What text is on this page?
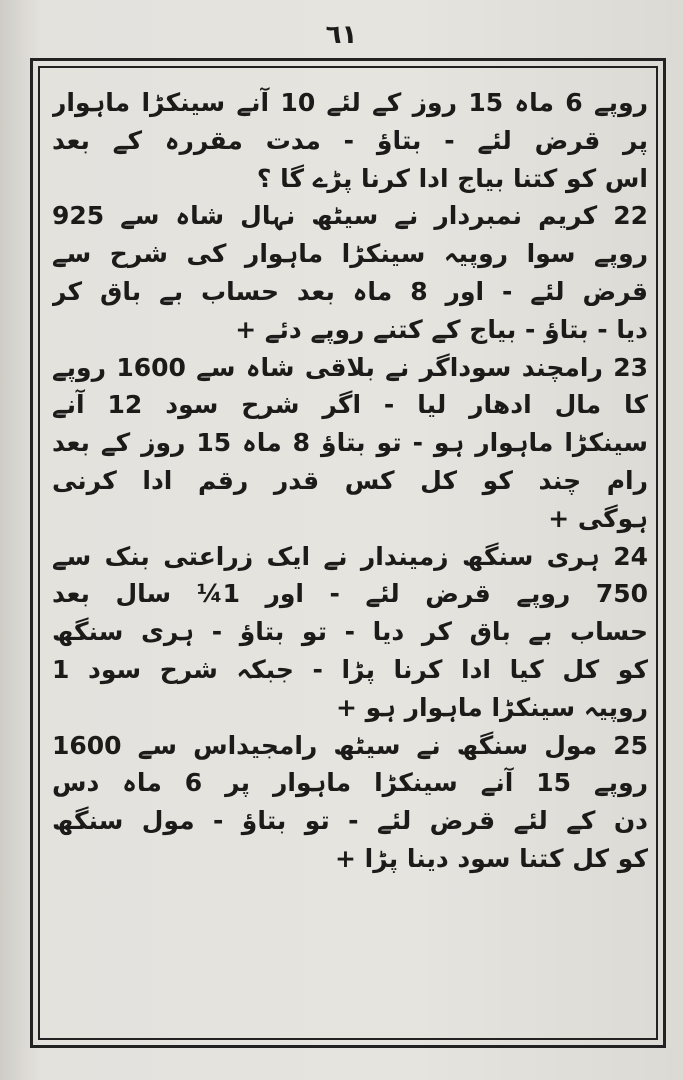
٦١
روپے 6 ماہ 15 روز کے لئے 10 آنے سینکڑا ماہوار
پر قرض لئے - بتاؤ - مدت مقررہ کے بعد
اس کو کتنا بیاج ادا کرنا پڑے گا ؟
22 کریم نمبردار نے سیٹھ نہال شاہ سے 925
روپے سوا روپیہ سینکڑا ماہوار کی شرح سے
قرض لئے - اور 8 ماہ بعد حساب بے باق کر
دیا - بتاؤ - بیاج کے کتنے روپے دئے +
23 رامچند سوداگر نے بلاقی شاہ سے 1600 روپے
کا مال ادھار لیا - اگر شرح سود 12 آنے
سینکڑا ماہوار ہو - تو بتاؤ 8 ماہ 15 روز کے بعد
رام چند کو کل کس قدر رقم ادا کرنی
ہوگی +
24 ہری سنگھ زمیندار نے ایک زراعتی بنک سے
750 روپے قرض لئے - اور 1¼ سال بعد
حساب بے باق کر دیا - تو بتاؤ - ہری سنگھ
کو کل کیا ادا کرنا پڑا - جبکہ شرح سود 1
روپیہ سینکڑا ماہوار ہو +
25 مول سنگھ نے سیٹھ رامجیداس سے 1600
روپے 15 آنے سینکڑا ماہوار پر 6 ماہ دس
دن کے لئے قرض لئے - تو بتاؤ - مول سنگھ
کو کل کتنا سود دینا پڑا +
